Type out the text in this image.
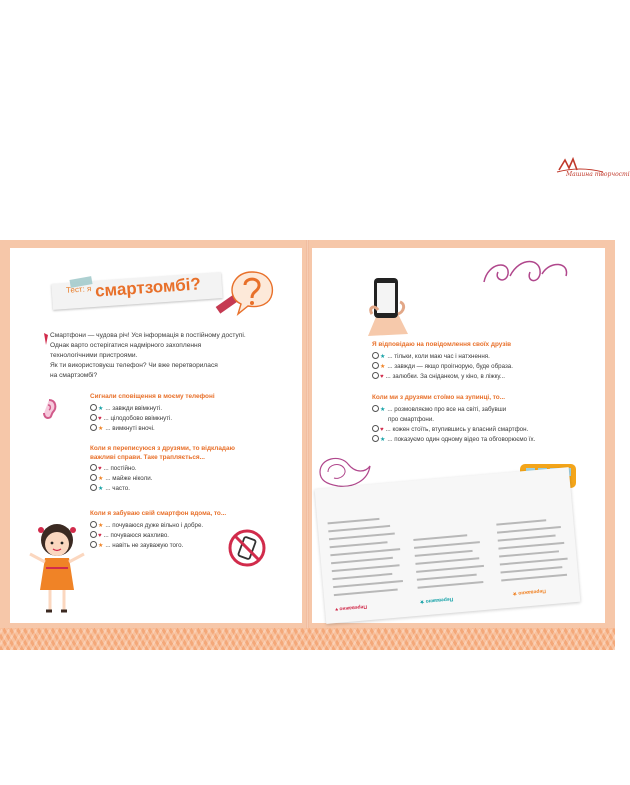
Машина творчості
Тест: я смартзомбі?
Смартфони — чудова річ! Уся інформація в постійному доступі.
Однак варто остерігатися надмірного захоплення
технологічними пристроями.
Як ти використовуєш телефон? Чи вже перетворилася
на смартзомбі?
Сигнали сповіщення в моєму телефоні
★ ... завжди ввімкнуті.
♥ ... цілодобово ввімкнуті.
★ ... вимкнуті вночі.
Коли я переписуюся з друзями, то відкладаю
важливі справи. Таке трапляється...
♥ ... постійно.
★ ... майже ніколи.
★ ... часто.
Коли я забуваю свій смартфон вдома, то...
★ ... почуваюся дуже вільно і добре.
♥ ... почуваюся жахливо.
★ ... навіть не зауважую того.
Я відповідаю на повідомлення своїх друзів
★ ... тільки, коли маю час і натхнення.
★ ... завжди — якщо проігнорую, буде образа.
♥ ... залюбки. За сніданком, у кіно, в ліжку...
Коли ми з друзями стоїмо на зупинці, то...
★ ... розмовляємо про все на світі, забувши
про смартфони.
♥ ... кожен стоїть, втупившись у власний смартфон.
★ ... показуємо один одному відео та обговорюємо їх.
Переважно ♥
Переважно ★
Переважно ★
